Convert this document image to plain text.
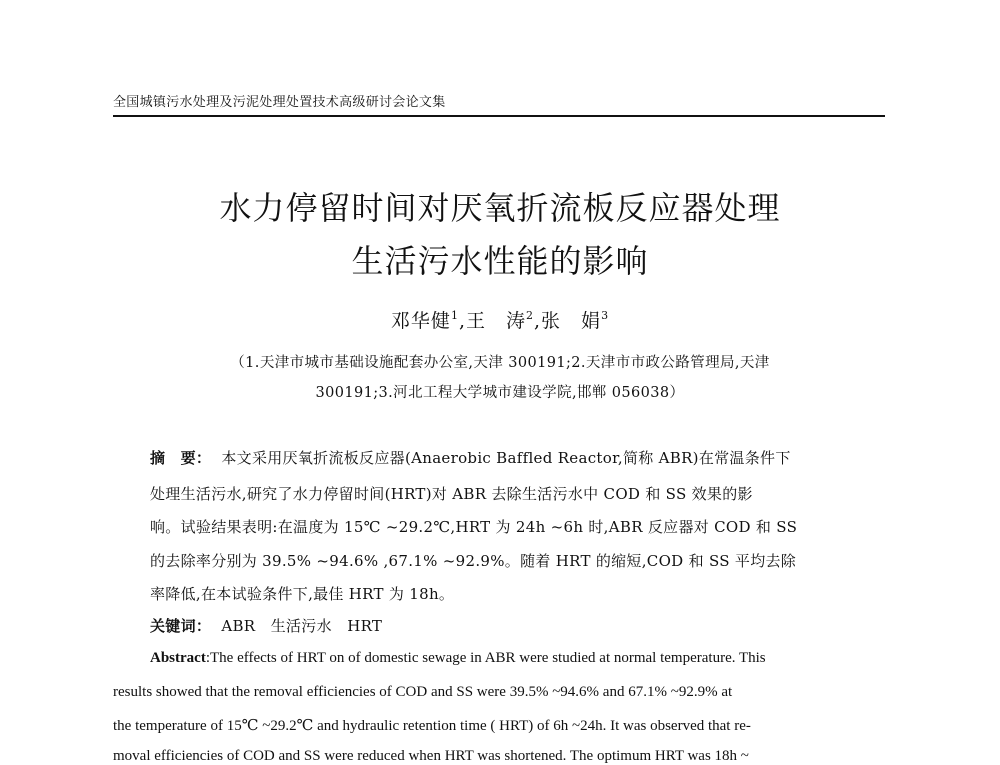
全国城镇污水处理及污泥处理处置技术高级研讨会论文集
水力停留时间对厌氧折流板反应器处理
生活污水性能的影响
邓华健$^1$,王　涛$^2$,张　娟$^3$
（1.天津市城市基础设施配套办公室,天津 300191;2.天津市市政公路管理局,天津
300191;3.河北工程大学城市建设学院,邯郸 056038）
摘　要： 本文采用厌氧折流板反应器(Anaerobic Baffled Reactor,简称 ABR)在常温条件下
处理生活污水,研究了水力停留时间(HRT)对 ABR 去除生活污水中 COD 和 SS 效果的影
响。试验结果表明:在温度为 15℃ ~29.2℃,HRT 为 24h ~6h 时,ABR 反应器对 COD 和 SS
的去除率分别为 39.5% ~94.6% ,67.1% ~92.9%。随着 HRT 的缩短,COD 和 SS 平均去除
率降低,在本试验条件下,最佳 HRT 为 18h。
关键词： ABR　生活污水　HRT
Abstract:The effects of HRT on of domestic sewage in ABR were studied at normal temperature. This
results showed that the removal efficiencies of COD and SS were 39.5% ~94.6% and 67.1% ~92.9% at
the temperature of 15℃ ~29.2℃ and hydraulic retention time ( HRT) of 6h ~24h. It was observed that re-
moval efficiencies of COD and SS were reduced when HRT was shortened. The optimum HRT was 18h ~
